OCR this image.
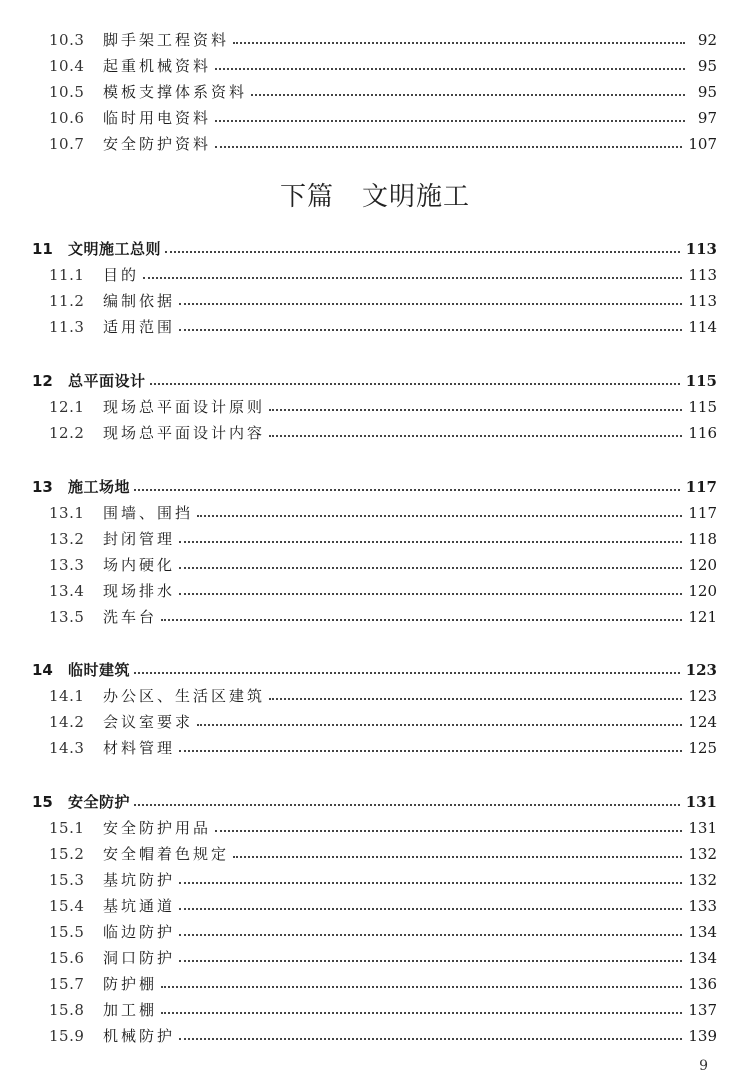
10.3	脚手架工程资料	92
10.4	起重机械资料	95
10.5	模板支撑体系资料	95
10.6	临时用电资料	97
10.7	安全防护资料	107
下篇 文明施工
11	文明施工总则	113
11.1	目的	113
11.2	编制依据	113
11.3	适用范围	114
12	总平面设计	115
12.1	现场总平面设计原则	115
12.2	现场总平面设计内容	116
13	施工场地	117
13.1	围墙、围挡	117
13.2	封闭管理	118
13.3	场内硬化	120
13.4	现场排水	120
13.5	洗车台	121
14	临时建筑	123
14.1	办公区、生活区建筑	123
14.2	会议室要求	124
14.3	材料管理	125
15	安全防护	131
15.1	安全防护用品	131
15.2	安全帽着色规定	132
15.3	基坑防护	132
15.4	基坑通道	133
15.5	临边防护	134
15.6	洞口防护	134
15.7	防护棚	136
15.8	加工棚	137
15.9	机械防护	139
9
